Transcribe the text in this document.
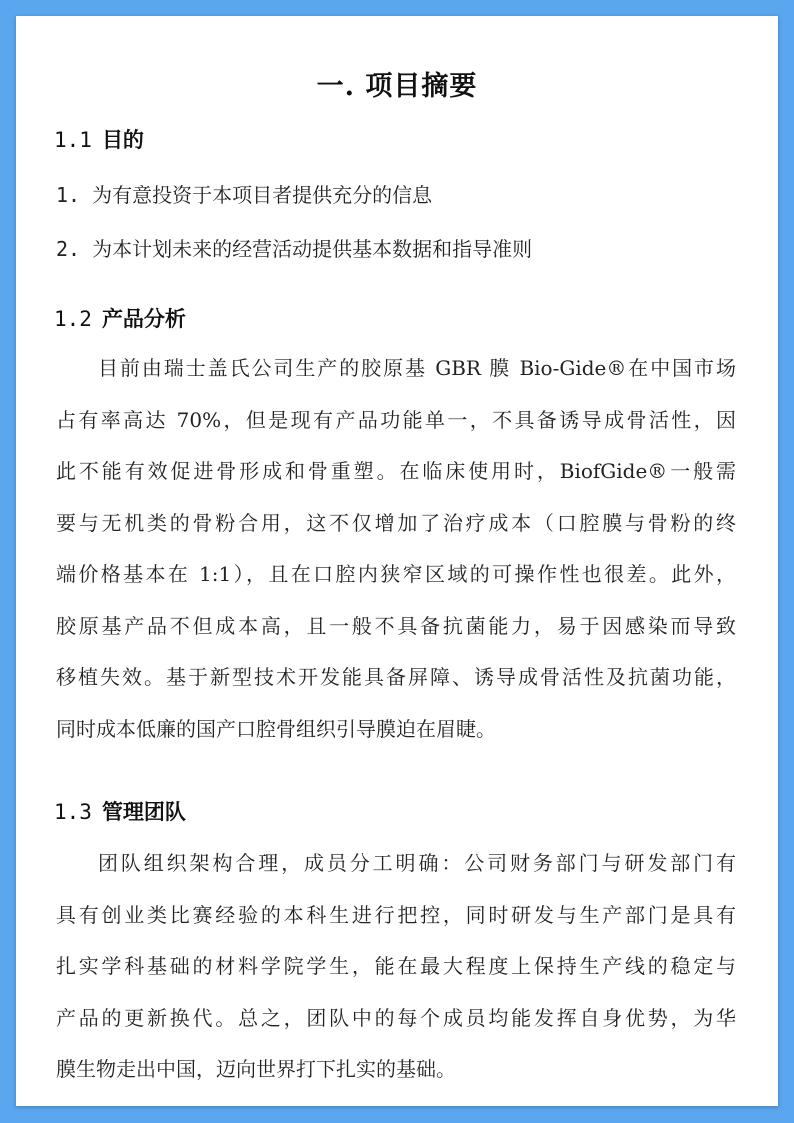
一. 项目摘要
1.1 目的
1. 为有意投资于本项目者提供充分的信息
2. 为本计划未来的经营活动提供基本数据和指导准则
1.2 产品分析

目前由瑞士盖氏公司生产的胶原基 GBR 膜 Bio-Gide®在中国市场
占有率高达 70%，但是现有产品功能单一，不具备诱导成骨活性，因
此不能有效促进骨形成和骨重塑。在临床使用时，BiofGide®一般需
要与无机类的骨粉合用，这不仅增加了治疗成本（口腔膜与骨粉的终
端价格基本在 1:1），且在口腔内狭窄区域的可操作性也很差。此外，
胶原基产品不但成本高，且一般不具备抗菌能力，易于因感染而导致
移植失效。基于新型技术开发能具备屏障、诱导成骨活性及抗菌功能，
同时成本低廉的国产口腔骨组织引导膜迫在眉睫。

1.3 管理团队

团队组织架构合理，成员分工明确：公司财务部门与研发部门有
具有创业类比赛经验的本科生进行把控，同时研发与生产部门是具有
扎实学科基础的材料学院学生，能在最大程度上保持生产线的稳定与
产品的更新换代。总之，团队中的每个成员均能发挥自身优势，为华
膜生物走出中国，迈向世界打下扎实的基础。
